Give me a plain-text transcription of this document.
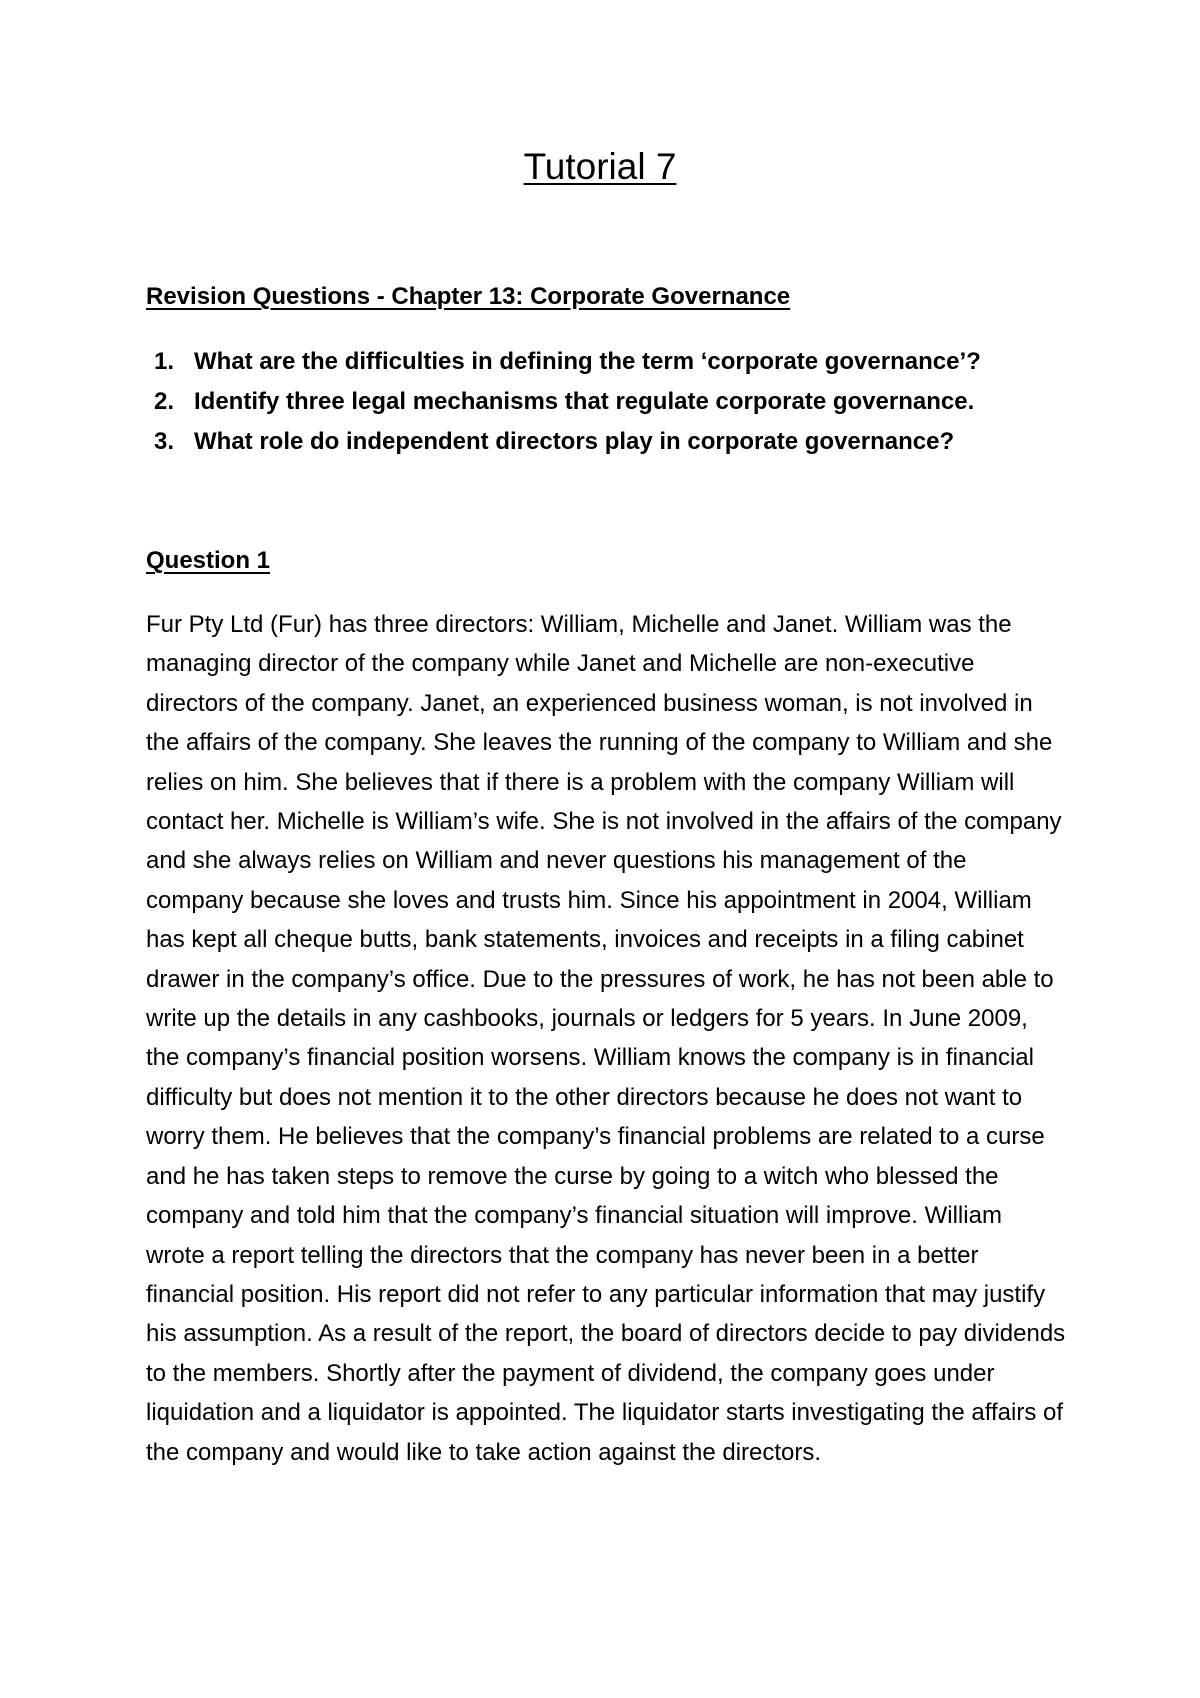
Tutorial 7
Revision Questions - Chapter 13: Corporate Governance
1. What are the difficulties in defining the term ‘corporate governance’?
2. Identify three legal mechanisms that regulate corporate governance.
3. What role do independent directors play in corporate governance?
Question 1

Fur Pty Ltd (Fur) has three directors: William, Michelle and Janet. William was the managing director of the company while Janet and Michelle are non-executive directors of the company. Janet, an experienced business woman, is not involved in the affairs of the company. She leaves the running of the company to William and she relies on him. She believes that if there is a problem with the company William will contact her. Michelle is William’s wife. She is not involved in the affairs of the company and she always relies on William and never questions his management of the company because she loves and trusts him. Since his appointment in 2004, William has kept all cheque butts, bank statements, invoices and receipts in a filing cabinet drawer in the company’s office. Due to the pressures of work, he has not been able to write up the details in any cashbooks, journals or ledgers for 5 years. In June 2009, the company’s financial position worsens. William knows the company is in financial difficulty but does not mention it to the other directors because he does not want to worry them. He believes that the company’s financial problems are related to a curse and he has taken steps to remove the curse by going to a witch who blessed the company and told him that the company’s financial situation will improve. William wrote a report telling the directors that the company has never been in a better financial position. His report did not refer to any particular information that may justify his assumption. As a result of the report, the board of directors decide to pay dividends to the members. Shortly after the payment of dividend, the company goes under liquidation and a liquidator is appointed. The liquidator starts investigating the affairs of the company and would like to take action against the directors.
